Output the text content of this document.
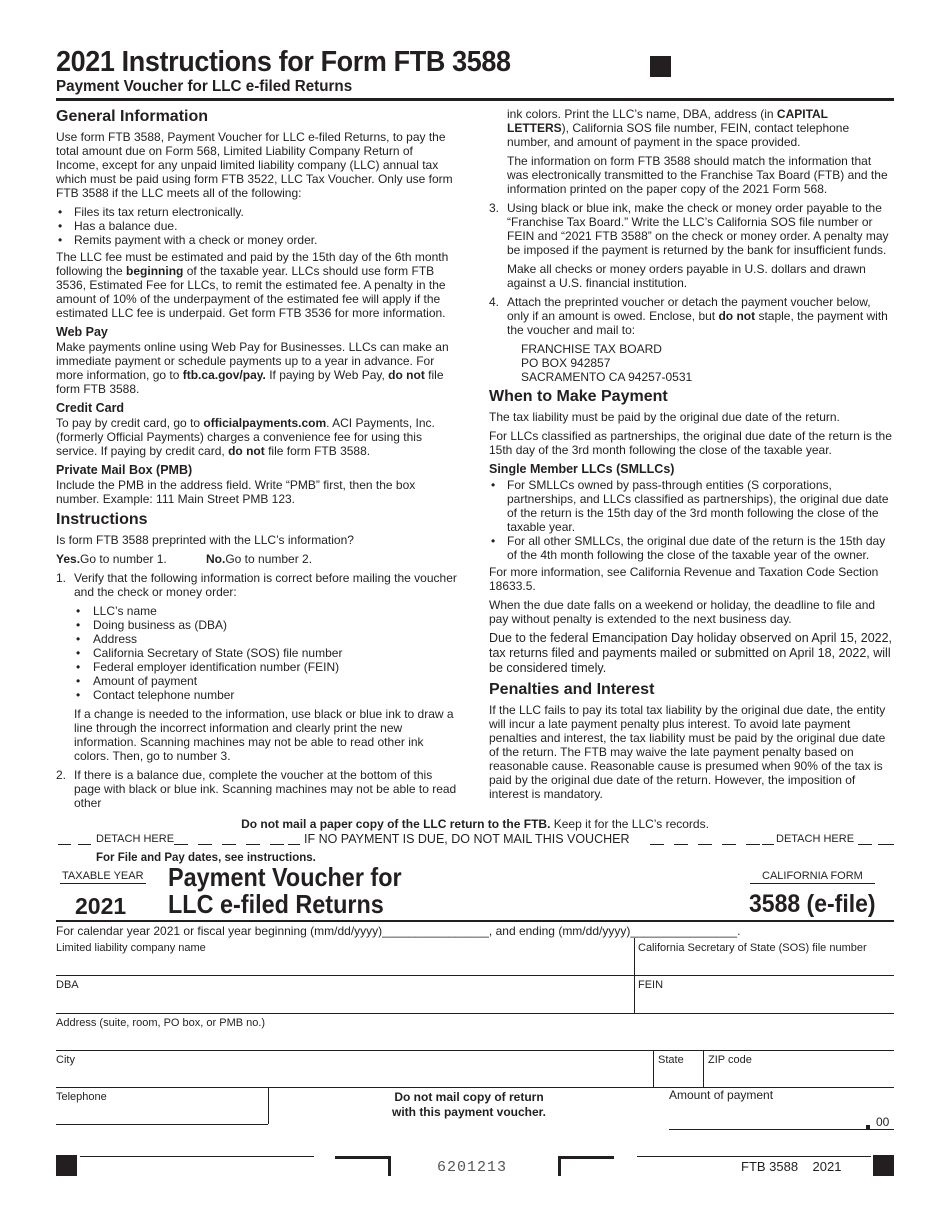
2021 Instructions for Form FTB 3588
Payment Voucher for LLC e-filed Returns
General Information

Use form FTB 3588, Payment Voucher for LLC e-filed Returns, to pay the total amount due on Form 568, Limited Liability Company Return of Income, except for any unpaid limited liability company (LLC) annual tax which must be paid using form FTB 3522, LLC Tax Voucher. Only use form FTB 3588 if the LLC meets all of the following:

• Files its tax return electronically.
• Has a balance due.
• Remits payment with a check or money order.

The LLC fee must be estimated and paid by the 15th day of the 6th month following the beginning of the taxable year. LLCs should use form FTB 3536, Estimated Fee for LLCs, to remit the estimated fee. A penalty in the amount of 10% of the underpayment of the estimated fee will apply if the estimated LLC fee is underpaid. Get form FTB 3536 for more information.

Web Pay

Make payments online using Web Pay for Businesses. LLCs can make an immediate payment or schedule payments up to a year in advance. For more information, go to ftb.ca.gov/pay. If paying by Web Pay, do not file form FTB 3588.

Credit Card

To pay by credit card, go to officialpayments.com. ACI Payments, Inc. (formerly Official Payments) charges a convenience fee for using this service. If paying by credit card, do not file form FTB 3588.

Private Mail Box (PMB)

Include the PMB in the address field. Write “PMB” first, then the box number. Example: 111 Main Street PMB 123.

Instructions

Is form FTB 3588 preprinted with the LLC’s information?

Yes.Go to number 1.	No.Go to number 2.

1. Verify that the following information is correct before mailing the voucher and the check or money order:
• LLC’s name
• Doing business as (DBA)
• Address
• California Secretary of State (SOS) file number
• Federal employer identification number (FEIN)
• Amount of payment
• Contact telephone number

If a change is needed to the information, use black or blue ink to draw a line through the incorrect information and clearly print the new information. Scanning machines may not be able to read other ink colors. Then, go to number 3.

2. If there is a balance due, complete the voucher at the bottom of this page with black or blue ink. Scanning machines may not be able to read other

ink colors. Print the LLC’s name, DBA, address (in CAPITAL LETTERS), California SOS file number, FEIN, contact telephone number, and amount of payment in the space provided.

The information on form FTB 3588 should match the information that was electronically transmitted to the Franchise Tax Board (FTB) and the information printed on the paper copy of the 2021 Form 568.

3. Using black or blue ink, make the check or money order payable to the “Franchise Tax Board.” Write the LLC’s California SOS file number or FEIN and “2021 FTB 3588” on the check or money order. A penalty may be imposed if the payment is returned by the bank for insufficient funds.

Make all checks or money orders payable in U.S. dollars and drawn against a U.S. financial institution.

4. Attach the preprinted voucher or detach the payment voucher below, only if an amount is owed. Enclose, but do not staple, the payment with the voucher and mail to:
FRANCHISE TAX BOARD
PO BOX 942857
SACRAMENTO CA 94257-0531
When to Make Payment

The tax liability must be paid by the original due date of the return.

For LLCs classified as partnerships, the original due date of the return is the 15th day of the 3rd month following the close of the taxable year.

Single Member LLCs (SMLLCs)
• For SMLLCs owned by pass-through entities (S corporations, partnerships, and LLCs classified as partnerships), the original due date of the return is the 15th day of the 3rd month following the close of the taxable year.
• For all other SMLLCs, the original due date of the return is the 15th day of the 4th month following the close of the taxable year of the owner.

For more information, see California Revenue and Taxation Code Section 18633.5.

When the due date falls on a weekend or holiday, the deadline to file and pay without penalty is extended to the next business day.

Due to the federal Emancipation Day holiday observed on April 15, 2022, tax returns filed and payments mailed or submitted on April 18, 2022, will be considered timely.

Penalties and Interest

If the LLC fails to pay its total tax liability by the original due date, the entity will incur a late payment penalty plus interest. To avoid late payment penalties and interest, the tax liability must be paid by the original due date of the return. The FTB may waive the late payment penalty based on reasonable cause. Reasonable cause is presumed when 90% of the tax is paid by the original due date of the return. However, the imposition of interest is mandatory.

Do not mail a paper copy of the LLC return to the FTB. Keep it for the LLC’s records.
DETACH HERE	IF NO PAYMENT IS DUE, DO NOT MAIL THIS VOUCHER	DETACH HERE
For File and Pay dates, see instructions.
TAXABLE YEAR
2021
Payment Voucher for
LLC e-filed Returns
CALIFORNIA FORM
3588 (e-file)
For calendar year 2021 or fiscal year beginning (mm/dd/yyyy)________________, and ending (mm/dd/yyyy)________________.
Limited liability company name	California Secretary of State (SOS) file number
DBA	FEIN
Address (suite, room, PO box, or PMB no.)
City	State ZIP code
Telephone	Do not mail copy of return
with this payment voucher.
Amount of payment
00
6201213	FTB 3588    2021
